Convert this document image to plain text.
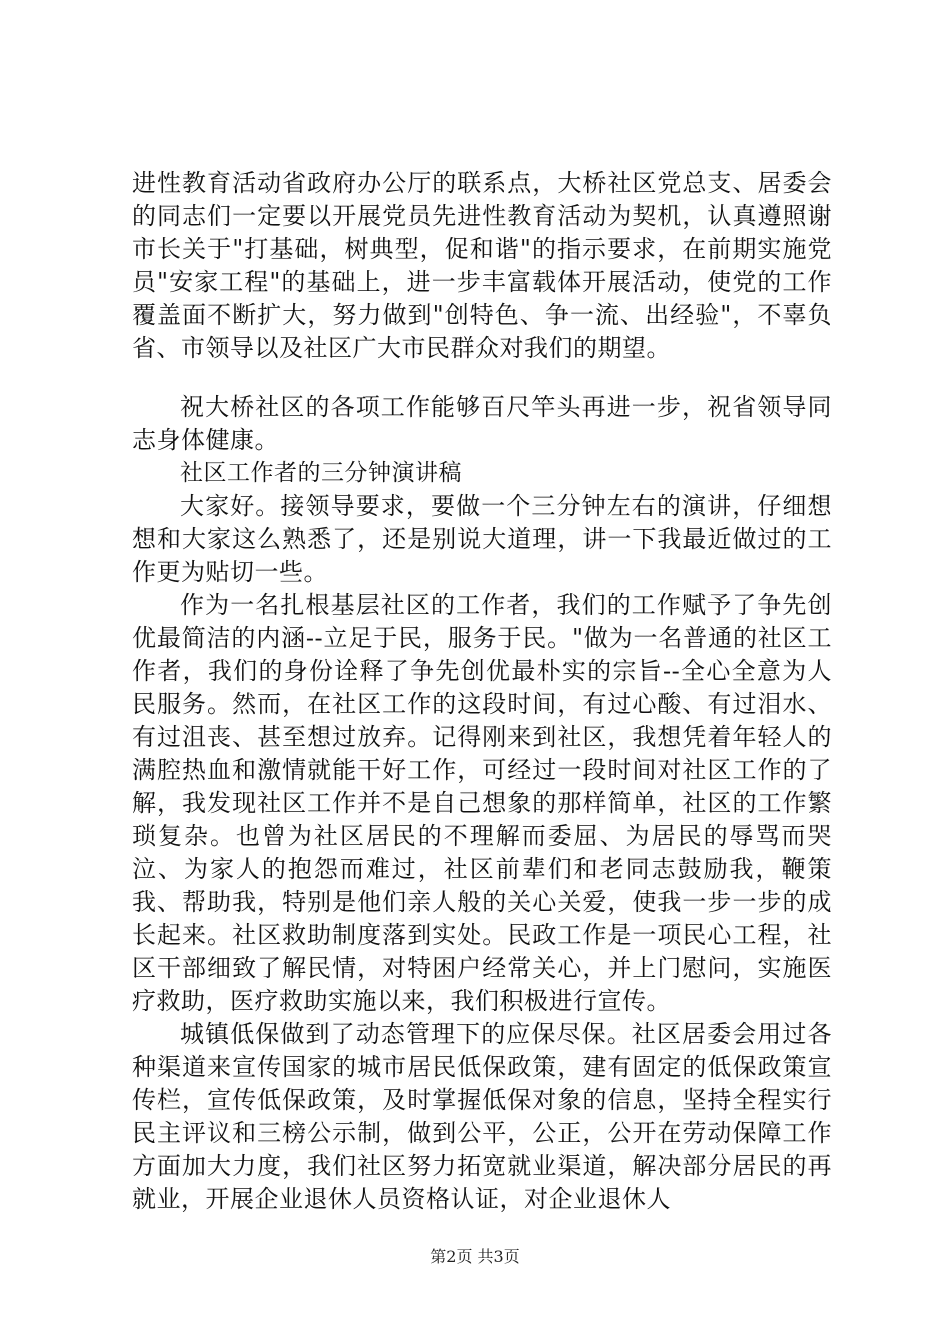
进性教育活动省政府办公厅的联系点，大桥社区党总支、居委会的同志们一定要以开展党员先进性教育活动为契机，认真遵照谢市长关于"打基础，树典型，促和谐"的指示要求，在前期实施党员"安家工程"的基础上，进一步丰富载体开展活动，使党的工作覆盖面不断扩大，努力做到"创特色、争一流、出经验"，不辜负省、市领导以及社区广大市民群众对我们的期望。

祝大桥社区的各项工作能够百尺竿头再进一步，祝省领导同志身体健康。

社区工作者的三分钟演讲稿

大家好。接领导要求，要做一个三分钟左右的演讲，仔细想想和大家这么熟悉了，还是别说大道理，讲一下我最近做过的工作更为贴切一些。

作为一名扎根基层社区的工作者，我们的工作赋予了争先创优最简洁的内涵--立足于民，服务于民。"做为一名普通的社区工作者，我们的身份诠释了争先创优最朴实的宗旨--全心全意为人民服务。然而，在社区工作的这段时间，有过心酸、有过泪水、有过沮丧、甚至想过放弃。记得刚来到社区，我想凭着年轻人的满腔热血和激情就能干好工作，可经过一段时间对社区工作的了解，我发现社区工作并不是自己想象的那样简单，社区的工作繁琐复杂。也曾为社区居民的不理解而委屈、为居民的辱骂而哭泣、为家人的抱怨而难过，社区前辈们和老同志鼓励我，鞭策我、帮助我，特别是他们亲人般的关心关爱，使我一步一步的成长起来。社区救助制度落到实处。民政工作是一项民心工程，社区干部细致了解民情，对特困户经常关心，并上门慰问，实施医疗救助，医疗救助实施以来，我们积极进行宣传。

城镇低保做到了动态管理下的应保尽保。社区居委会用过各种渠道来宣传国家的城市居民低保政策，建有固定的低保政策宣传栏，宣传低保政策，及时掌握低保对象的信息，坚持全程实行民主评议和三榜公示制，做到公平，公正，公开在劳动保障工作方面加大力度，我们社区努力拓宽就业渠道，解决部分居民的再就业，开展企业退休人员资格认证，对企业退休人

第2页 共3页
